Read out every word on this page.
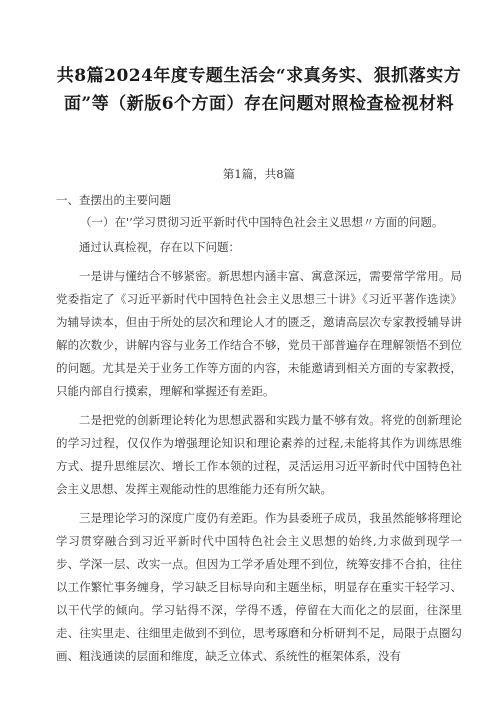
共8篇2024年度专题生活会“求真务实、狠抓落实方
面”等（新版6个方面）存在问题对照检查检视材料

第1篇，共8篇

一、查摆出的主要问题

（一）在'’学习贯彻习近平新时代中国特色社会主义思想〃方面的问题。

通过认真检视，存在以下问题：

一是讲与懂结合不够紧密。新思想内涵丰富、寓意深远，需要常学常用。局党委指定了《习近平新时代中国特色社会主义思想三十讲》《习近平著作选读》为辅导读本，但由于所处的层次和理论人才的匮乏，邀请高层次专家教授辅导讲解的次数少，讲解内容与业务工作结合不够，党员干部普遍存在理解领悟不到位的问题。尤其是关于业务工作等方面的内容，未能邀请到相关方面的专家教授，只能内部自行摸索，理解和掌握还有差距。

二是把党的创新理论转化为思想武器和实践力量不够有效。将党的创新理论的学习过程，仅仅作为增强理论知识和理论素养的过程,未能将其作为训练思维方式、提升思维层次、增长工作本领的过程，灵活运用习近平新时代中国特色社会主义思想、发挥主观能动性的思维能力还有所欠缺。

三是理论学习的深度广度仍有差距。作为县委班子成员，我虽然能够将理论学习贯穿融合到习近平新时代中国特色社会主义思想的始终,力求做到现学一步、学深一层、改实一点。但因为工学矛盾处理不到位，统筹安排不合拍，往往以工作繁忙事务缠身，学习缺乏目标导向和主题坐标，明显存在重实干轻学习、以干代学的倾向。学习钻得不深，学得不透，停留在大而化之的层面，往深里走、往实里走、往细里走做到不到位，思考琢磨和分析研判不足，局限于点圈勾画、粗浅通读的层面和维度，缺乏立体式、系统性的框架体系，没有
